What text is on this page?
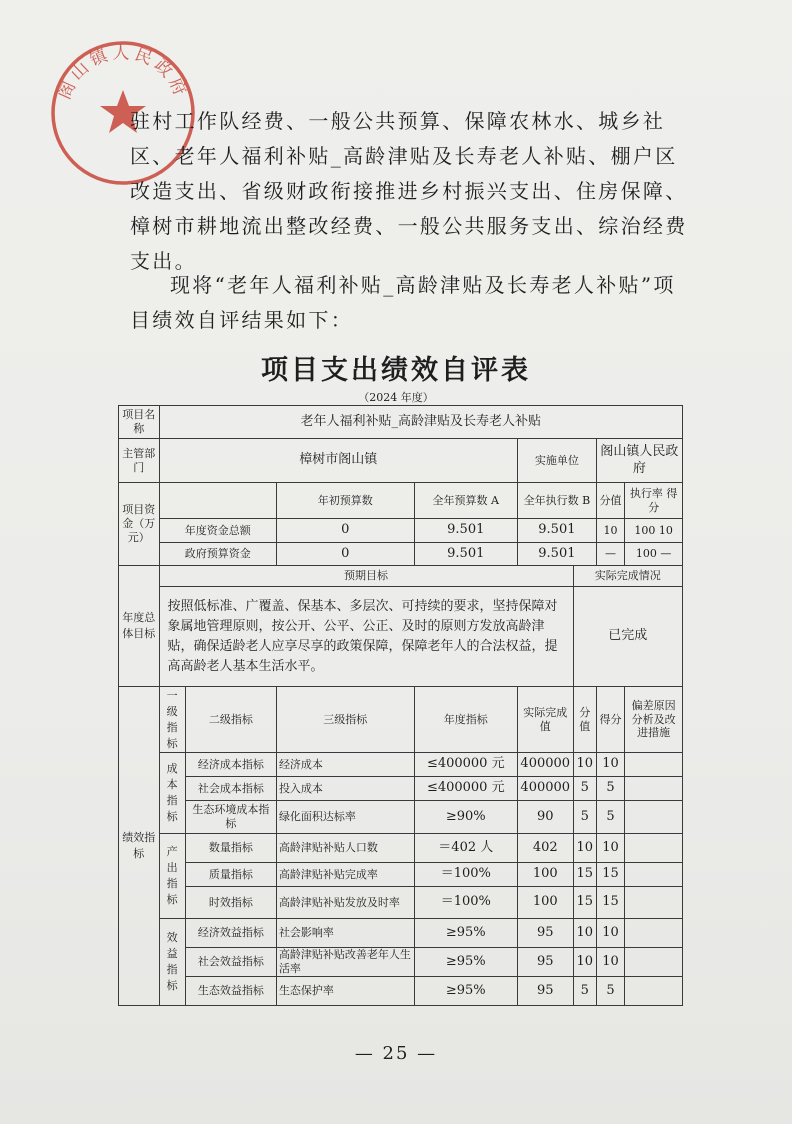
阁山镇人民政府
驻村工作队经费、一般公共预算、保障农林水、城乡社区、老年人福利补贴_高龄津贴及长寿老人补贴、棚户区改造支出、省级财政衔接推进乡村振兴支出、住房保障、樟树市耕地流出整改经费、一般公共服务支出、综治经费支出。
现将“老年人福利补贴_高龄津贴及长寿老人补贴”项目绩效自评结果如下：
项目支出绩效自评表
（2024 年度）
项目名称	老年人福利补贴_高龄津贴及长寿老人补贴							
主管部门	樟树市阁山镇				实施单位		阁山镇人民政府	
项目资金（万元）			年初预算数	全年预算数 A	全年执行数 B		分值	执行率 得分
	年度资金总额		0	9.501	9.501		10	100 10
	政府预算资金		0	9.501	9.501		—	100 —
年度总体目标	预期目标					实际完成情况		
	按照低标准、广覆盖、保基本、多层次、可持续的要求，坚持保障对象属地管理原则，按公开、公平、公正、及时的原则方发放高龄津贴，确保适龄老人应享尽享的政策保障，保障老年人的合法权益，提高高龄老人基本生活水平。					已完成		
绩效指标	一级指标	二级指标	三级指标	年度指标	实际完成值	分值	得分	偏差原因分析及改进措施
	成本指标	经济成本指标	经济成本	≤400000 元	400000	10	10	
		社会成本指标	投入成本	≤400000 元	400000	5	5	
		生态环境成本指标	绿化面积达标率	≥90%	90	5	5	
	产出指标	数量指标	高龄津贴补贴人口数	＝402 人	402	10	10	
		质量指标	高龄津贴补贴完成率	＝100%	100	15	15	
		时效指标	高龄津贴补贴发放及时率	＝100%	100	15	15	
	效益指标	经济效益指标	社会影响率	≥95%	95	10	10	
		社会效益指标	高龄津贴补贴改善老年人生活率	≥95%	95	10	10	
		生态效益指标	生态保护率	≥95%	95	5	5	
— 25 —
